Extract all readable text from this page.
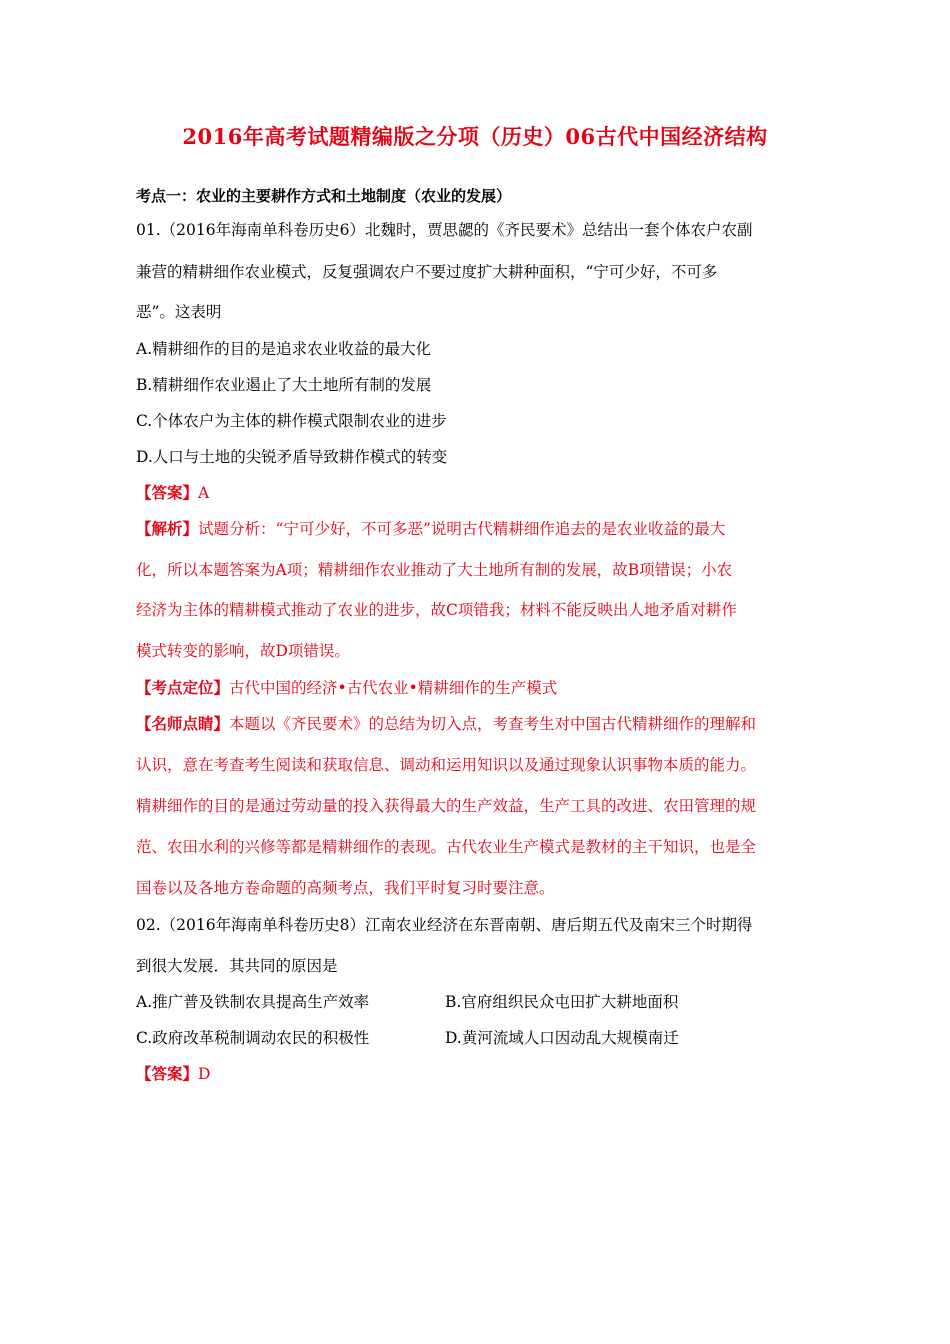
2016年高考试题精编版之分项（历史）06古代中国经济结构
考点一：农业的主要耕作方式和土地制度（农业的发展）
01.（2016年海南单科卷历史6）北魏时，贾思勰的《齐民要术》总结出一套个体农户农副
兼营的精耕细作农业模式，反复强调农户不要过度扩大耕种面积，“宁可少好，不可多
恶”。这表明
A.精耕细作的目的是追求农业收益的最大化
B.精耕细作农业遏止了大土地所有制的发展
C.个体农户为主体的耕作模式限制农业的进步
D.人口与土地的尖锐矛盾导致耕作模式的转变
【答案】A
【解析】试题分析：“宁可少好，不可多恶”说明古代精耕细作追去的是农业收益的最大
化，所以本题答案为A项；精耕细作农业推动了大土地所有制的发展，故B项错误；小农
经济为主体的精耕模式推动了农业的进步，故C项错我；材料不能反映出人地矛盾对耕作
模式转变的影响，故D项错误。
【考点定位】古代中国的经济•古代农业•精耕细作的生产模式
【名师点睛】本题以《齐民要术》的总结为切入点，考查考生对中国古代精耕细作的理解和
认识，意在考查考生阅读和获取信息、调动和运用知识以及通过现象认识事物本质的能力。
精耕细作的目的是通过劳动量的投入获得最大的生产效益，生产工具的改进、农田管理的规
范、农田水利的兴修等都是精耕细作的表现。古代农业生产模式是教材的主干知识，也是全
国卷以及各地方卷命题的高频考点，我们平时复习时要注意。
02.（2016年海南单科卷历史8）江南农业经济在东晋南朝、唐后期五代及南宋三个时期得
到很大发展．其共同的原因是
A.推广普及铁制农具提高生产效率	B.官府组织民众屯田扩大耕地面积
C.政府改革税制调动农民的积极性	D.黄河流域人口因动乱大规模南迁
【答案】D
